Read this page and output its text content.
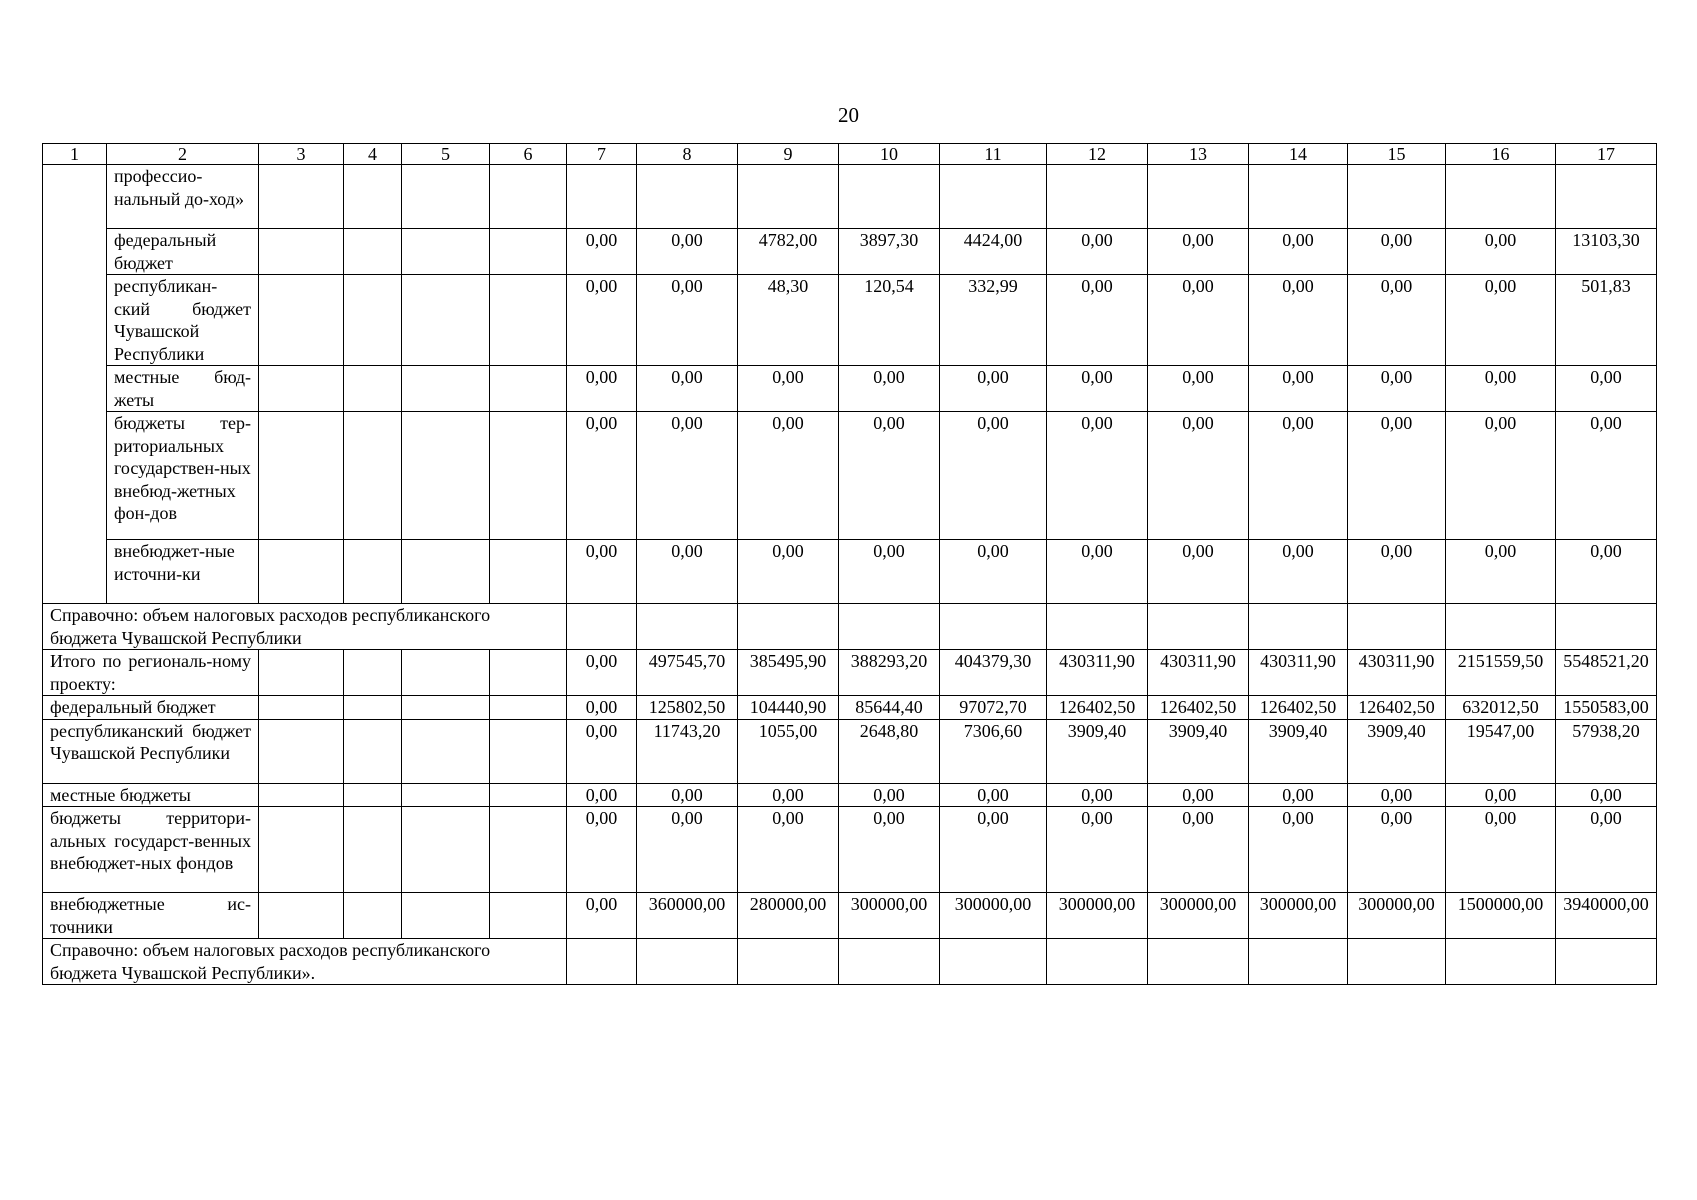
20
1	2	3	4	5	6	7	8	9	10	11	12	13	14	15	16	17
	профессио-нальный до-ход»															
	федеральный бюджет					0,00	0,00	4782,00	3897,30	4424,00	0,00	0,00	0,00	0,00	0,00	13103,30
	республикан-ский бюджет Чувашской Республики					0,00	0,00	48,30	120,54	332,99	0,00	0,00	0,00	0,00	0,00	501,83
	местные бюд-жеты					0,00	0,00	0,00	0,00	0,00	0,00	0,00	0,00	0,00	0,00	0,00
	бюджеты тер-риториальных государствен-ных внебюд-жетных фон-дов					0,00	0,00	0,00	0,00	0,00	0,00	0,00	0,00	0,00	0,00	0,00
	внебюджет-ные источни-ки					0,00	0,00	0,00	0,00	0,00	0,00	0,00	0,00	0,00	0,00	0,00
Справочно: объем налоговых расходов республиканского бюджета Чувашской Республики																
Итого по региональ-ному проекту:						0,00	497545,70	385495,90	388293,20	404379,30	430311,90	430311,90	430311,90	430311,90	2151559,50	5548521,20
федеральный бюджет						0,00	125802,50	104440,90	85644,40	97072,70	126402,50	126402,50	126402,50	126402,50	632012,50	1550583,00
республиканский бюджет Чувашской Республики						0,00	11743,20	1055,00	2648,80	7306,60	3909,40	3909,40	3909,40	3909,40	19547,00	57938,20
местные бюджеты						0,00	0,00	0,00	0,00	0,00	0,00	0,00	0,00	0,00	0,00	0,00
бюджеты территори-альных государст-венных внебюджет-ных фондов						0,00	0,00	0,00	0,00	0,00	0,00	0,00	0,00	0,00	0,00	0,00
внебюджетные ис-точники						0,00	360000,00	280000,00	300000,00	300000,00	300000,00	300000,00	300000,00	300000,00	1500000,00	3940000,00
Справочно: объем налоговых расходов республиканского бюджета Чувашской Республики».																
